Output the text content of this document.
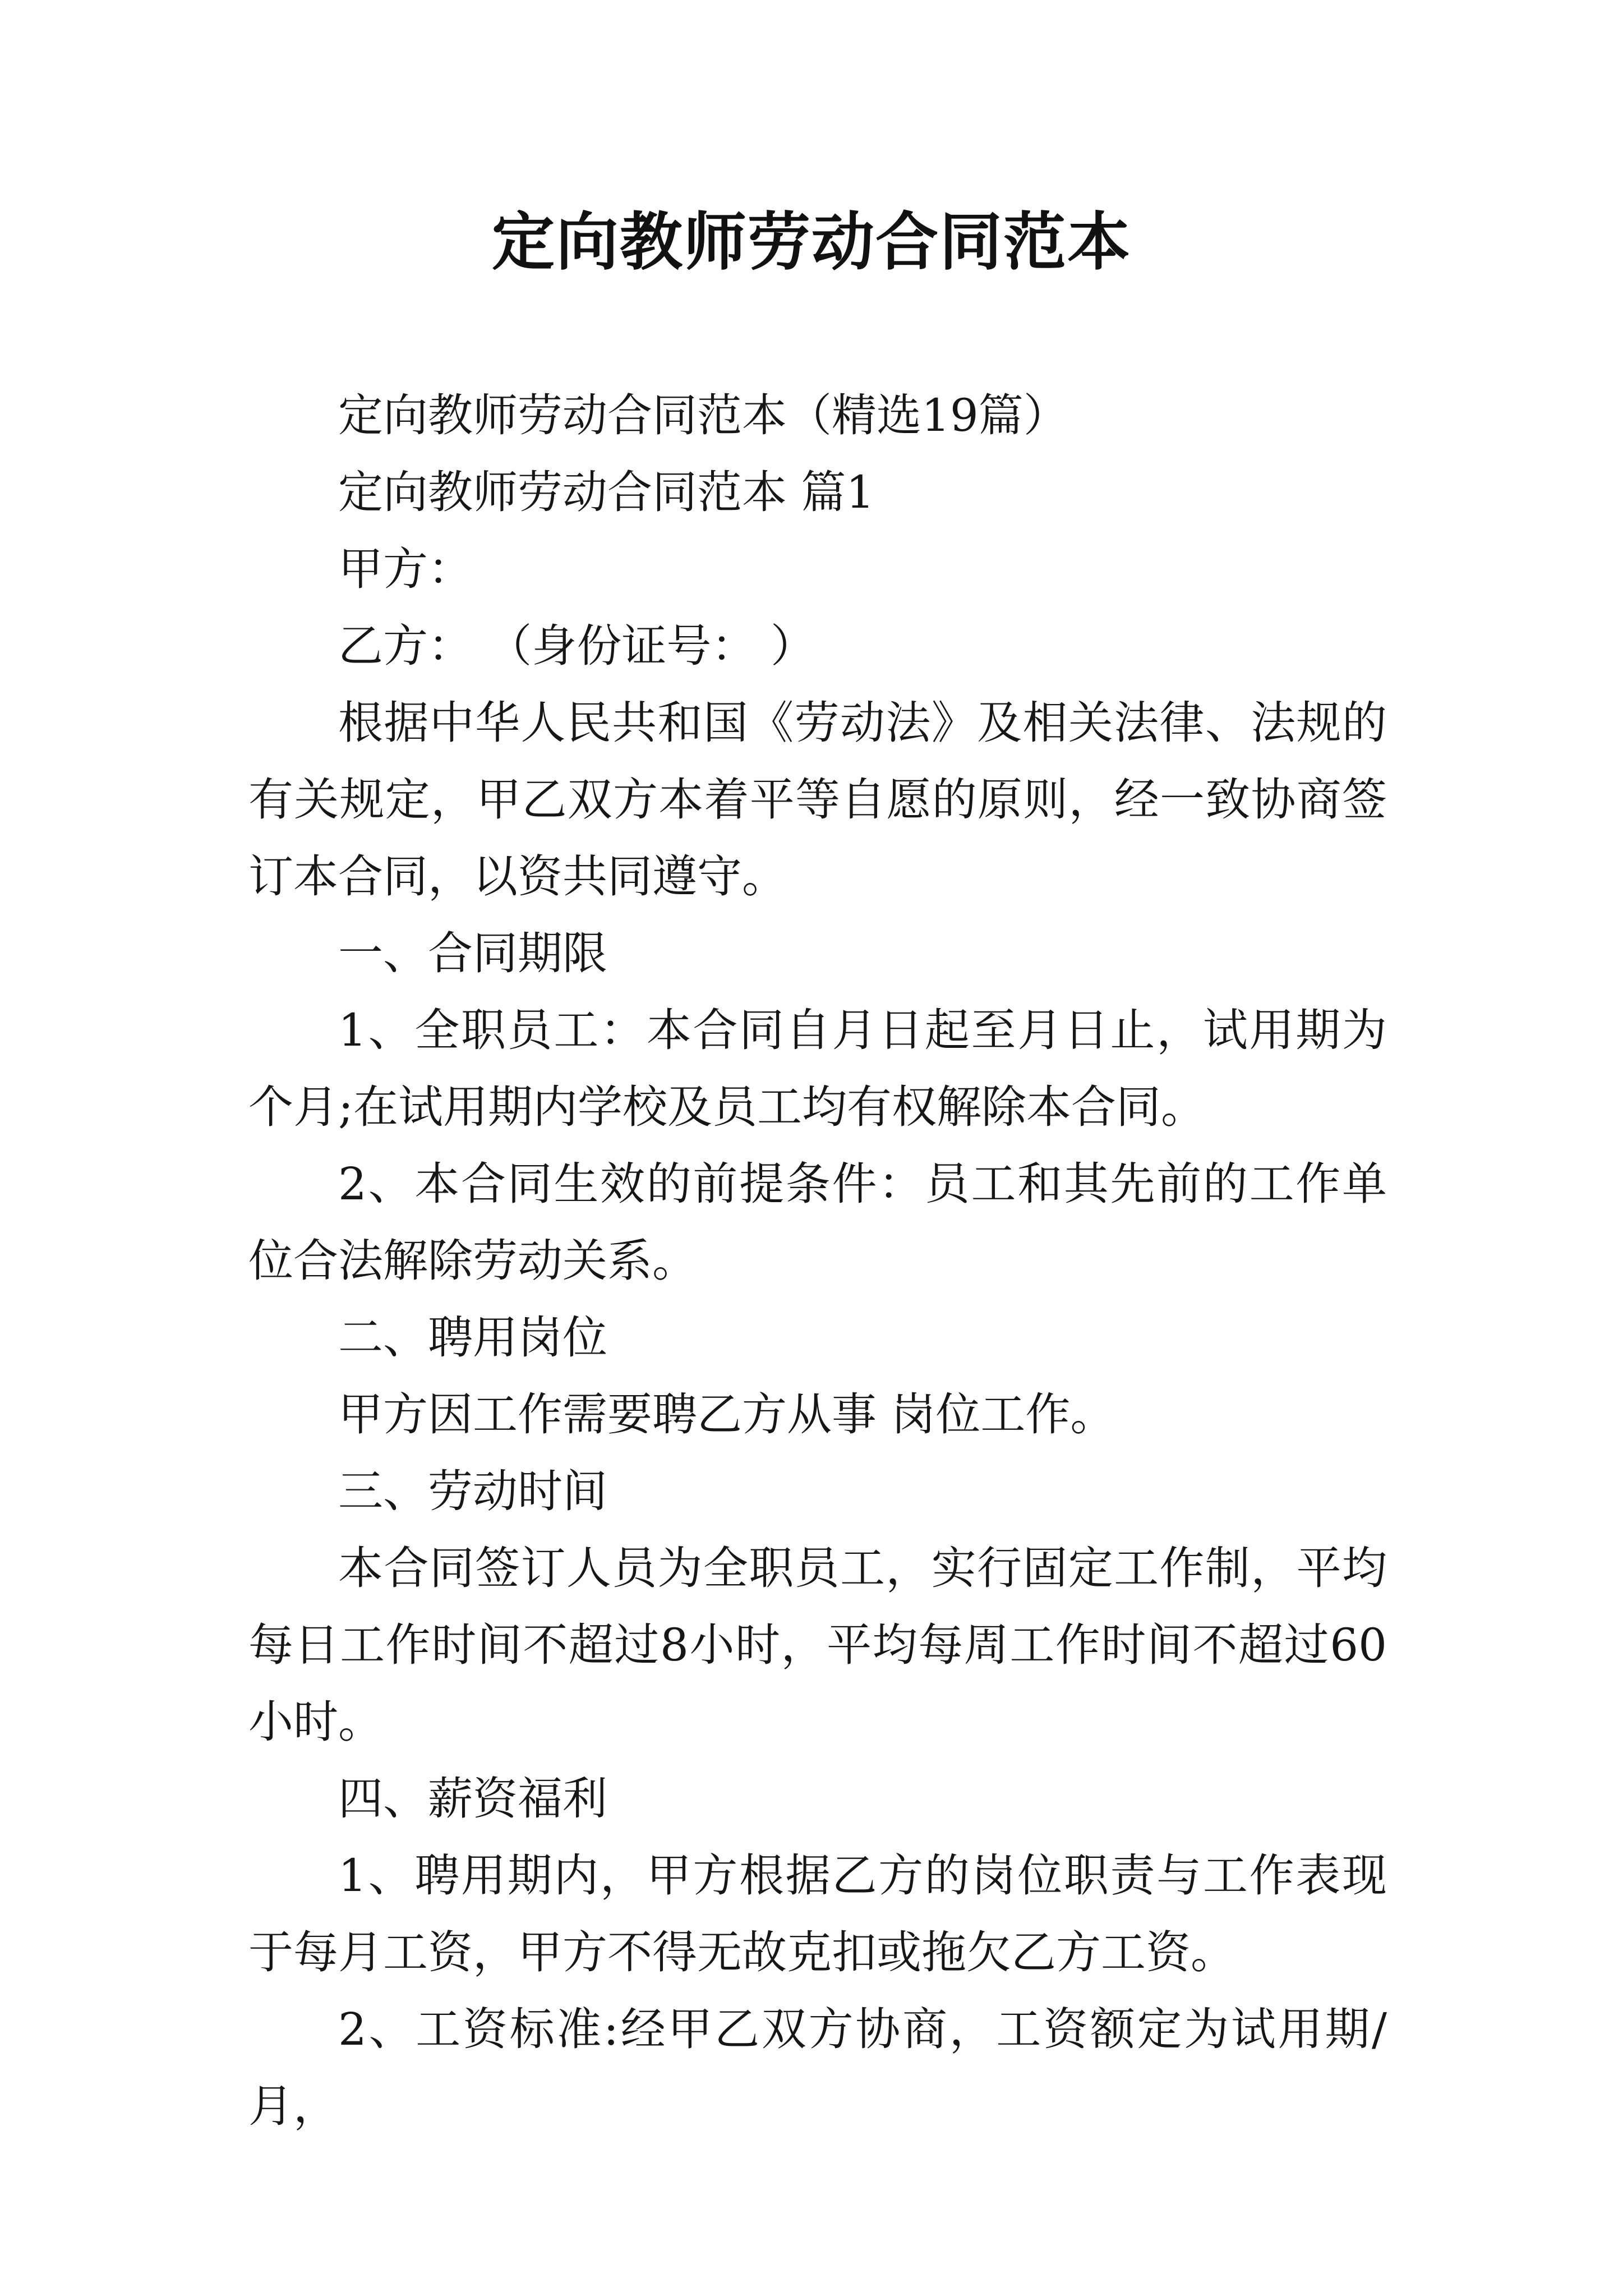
定向教师劳动合同范本

定向教师劳动合同范本（精选19篇）

定向教师劳动合同范本 篇1

甲方：

乙方： （身份证号： ）

根据中华人民共和国《劳动法》及相关法律、法规的有关规定，甲乙双方本着平等自愿的原则，经一致协商签订本合同，以资共同遵守。

一、合同期限

1、全职员工：本合同自月日起至月日止，试用期为 个月;在试用期内学校及员工均有权解除本合同。

2、本合同生效的前提条件：员工和其先前的工作单位合法解除劳动关系。

二、聘用岗位

甲方因工作需要聘乙方从事 岗位工作。

三、劳动时间

本合同签订人员为全职员工，实行固定工作制，平均每日工作时间不超过8小时，平均每周工作时间不超过60小时。

四、薪资福利

1、聘用期内，甲方根据乙方的岗位职责与工作表现于每月工资，甲方不得无故克扣或拖欠乙方工资。

2、工资标准:经甲乙双方协商，工资额定为试用期/月，
